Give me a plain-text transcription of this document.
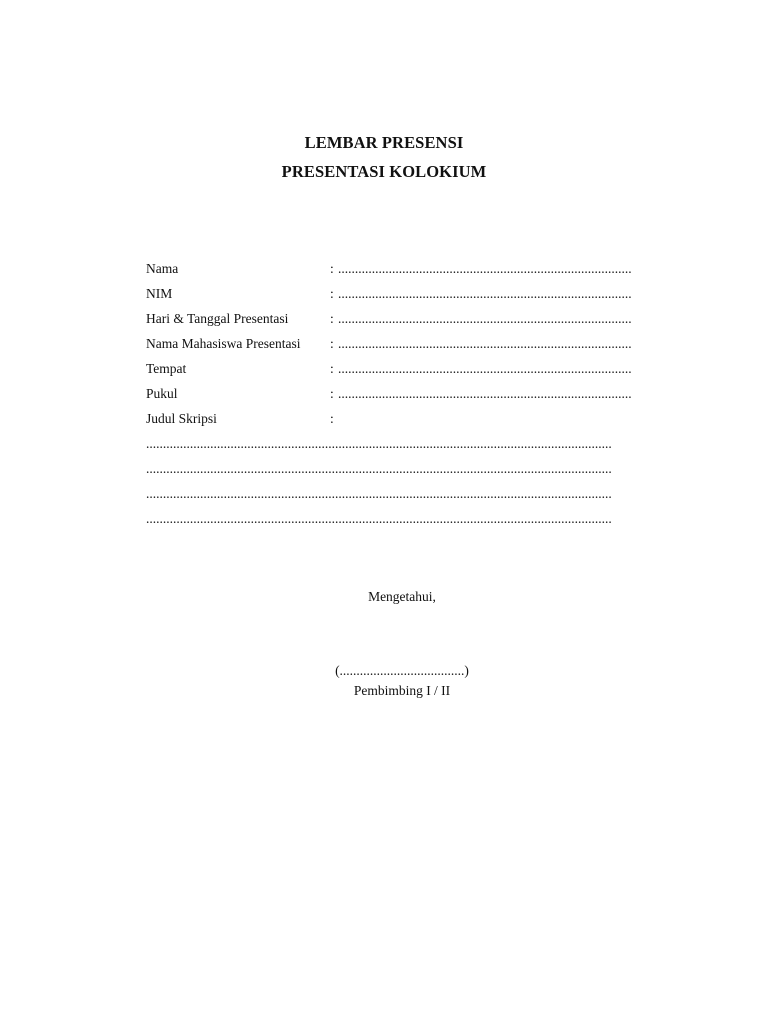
LEMBAR PRESENSI
PRESENTASI KOLOKIUM
Nama	: .......................................................................................
NIM	: .......................................................................................
Hari & Tanggal Presentasi	: .......................................................................................
Nama Mahasiswa Presentasi : .......................................................................................
Tempat	: .......................................................................................
Pukul	: .......................................................................................
Judul Skripsi	:
..........................................................................................................................................
..........................................................................................................................................
..........................................................................................................................................
..........................................................................................................................................
Mengetahui,
(.....................................)
Pembimbing I / II
